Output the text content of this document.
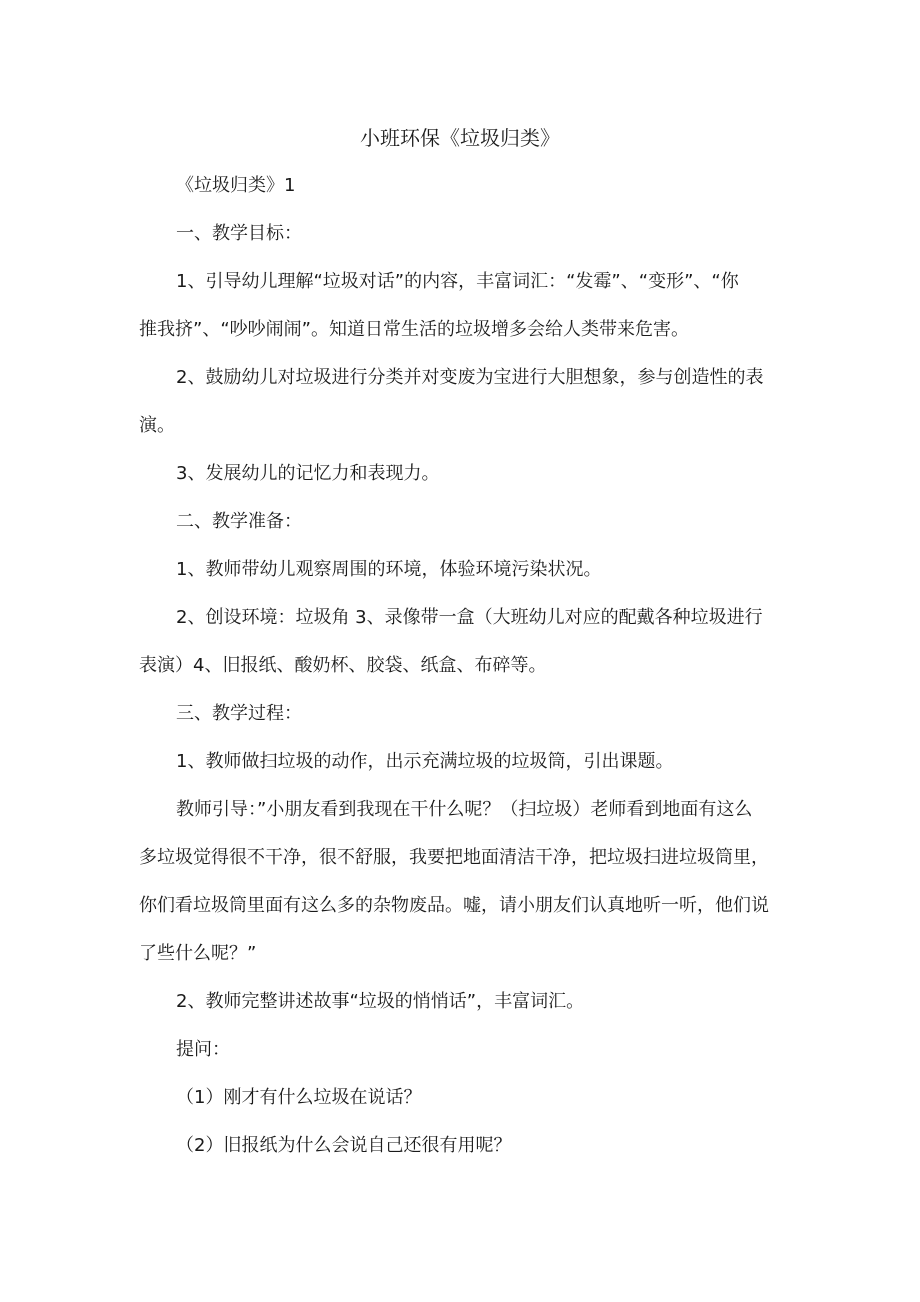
小班环保《垃圾归类》

《垃圾归类》1

一、教学目标：

1、引导幼儿理解“垃圾对话”的内容，丰富词汇：“发霉”、“变形”、“你

推我挤”、“吵吵闹闹”。知道日常生活的垃圾增多会给人类带来危害。

2、鼓励幼儿对垃圾进行分类并对变废为宝进行大胆想象，参与创造性的表

演。

3、发展幼儿的记忆力和表现力。

二、教学准备：

1、教师带幼儿观察周围的环境，体验环境污染状况。

2、创设环境：垃圾角 3、录像带一盒（大班幼儿对应的配戴各种垃圾进行

表演）4、旧报纸、酸奶杯、胶袋、纸盒、布碎等。

三、教学过程：

1、教师做扫垃圾的动作，出示充满垃圾的垃圾筒，引出课题。

教师引导：”小朋友看到我现在干什么呢？（扫垃圾）老师看到地面有这么

多垃圾觉得很不干净，很不舒服，我要把地面清洁干净，把垃圾扫进垃圾筒里，

你们看垃圾筒里面有这么多的杂物废品。嘘，请小朋友们认真地听一听，他们说

了些什么呢？”

2、教师完整讲述故事“垃圾的悄悄话”，丰富词汇。

提问：

（1）刚才有什么垃圾在说话？

（2）旧报纸为什么会说自己还很有用呢？
